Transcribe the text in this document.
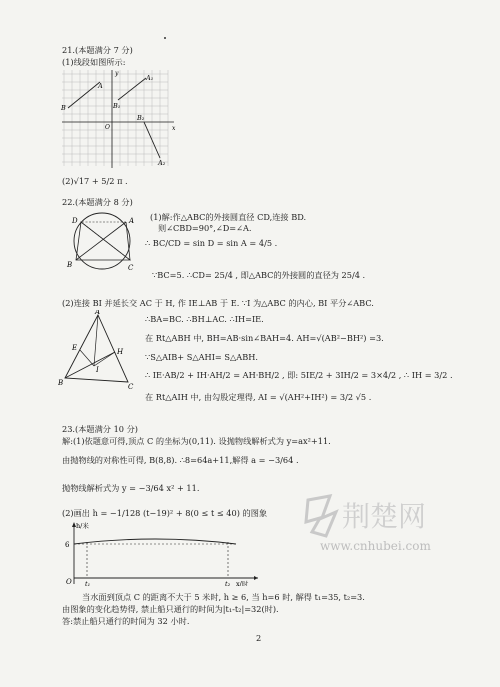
21.(本题满分 7 分)
(1)线段如图所示:
x
y
O
B
A
A₁
B₁
B₂
A₂
(2)√17 + 5/2 π .
22.(本题满分 8 分)
D	A
B	C
(1)解:作△ABC的外接圆直径 CD,连接 BD.
则∠CBD=90°,∠D=∠A.
∴ BC/CD = sin D = sin A = 4/5 .
∵BC=5. ∴CD= 25/4 , 即△ABC的外接圆的直径为 25/4 .
(2)连接 BI 并延长交 AC 于 H, 作 IE⊥AB 于 E. ∵I 为△ABC 的内心, BI 平分∠ABC.
A
E	H
I
B	C
∴BA=BC. ∴BH⊥AC. ∴IH=IE.
在 Rt△ABH 中, BH=AB·sin∠BAH=4. AH=√(AB²−BH²) =3.
∵S△AIB+ S△AHI= S△ABH.
∴ IE·AB/2 + IH·AH/2 = AH·BH/2 , 即: 5IE/2 + 3IH/2 = 3×4/2 , ∴ IH = 3/2 .
在 Rt△AIH 中, 由勾股定理得, AI = √(AH²+IH²) = 3/2 √5 .
23.(本题满分 10 分)
解:(1)依题意可得,顶点 C 的坐标为(0,11). 设抛物线解析式为 y=ax²+11.
由抛物线的对称性可得, B(8,8). ∴8=64a+11,解得 a = −3/64 .
抛物线解析式为 y = −3/64 x² + 11.
(2)画出 h = −1/128 (t−19)² + 8(0 ≤ t ≤ 40) 的图象
h/米
6
O t₁	t₂ x/时
当水面到顶点 C 的距离不大于 5 米时, h ≥ 6, 当 h=6 时, 解得 t₁=35, t₂=3.
由图象的变化趋势得, 禁止船只通行的时间为|t₁-t₂|=32(时).
答:禁止船只通行的时间为 32 小时.
2
荆楚网
www.cnhubei.com
